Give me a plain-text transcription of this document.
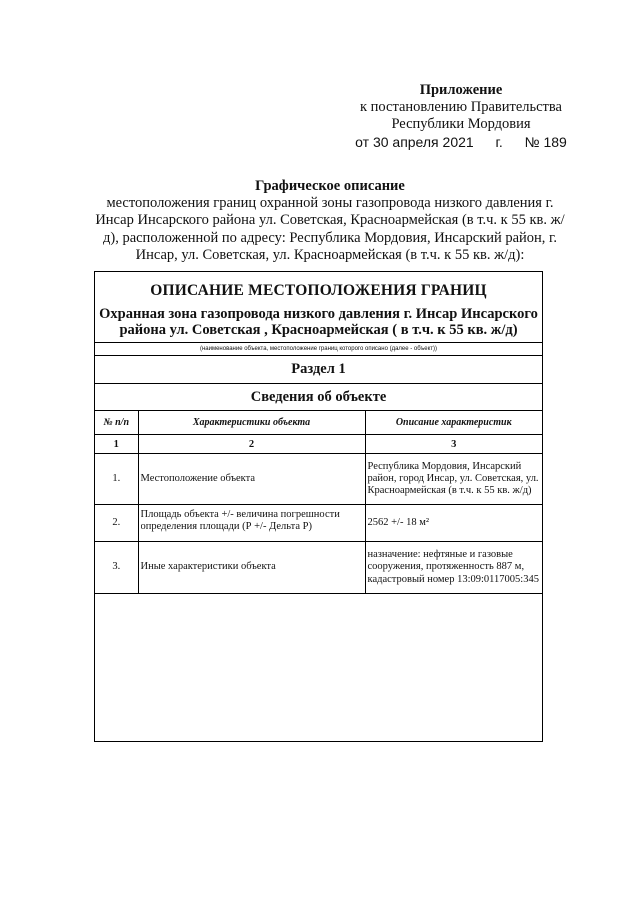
Приложение
к постановлению Правительства
Республики Мордовия
от 30 апреля 2021 г. № 189
Графическое описание
местоположения границ охранной зоны газопровода низкого давления г. Инсар Инсарского района ул. Советская, Красноармейская (в т.ч. к 55 кв. ж/д), расположенной по адресу: Республика Мордовия, Инсарский район, г. Инсар, ул. Советская, ул. Красноармейская (в т.ч. к 55 кв. ж/д):
ОПИСАНИЕ МЕСТОПОЛОЖЕНИЯ ГРАНИЦ
Охранная зона газопровода низкого давления г. Инсар Инсарского района ул. Советская , Красноармейская ( в т.ч. к 55 кв. ж/д)
(наименование объекта, местоположение границ которого описано (далее - объект))
Раздел 1
Сведения об объекте
№ п/п	Характеристики объекта	Описание характеристик
1	2	3
1.	Местоположение объекта	Республика Мордовия, Инсарский район, город Инсар, ул. Советская, ул. Красноармейская (в т.ч. к 55 кв. ж/д)
2.	Площадь объекта +/- величина погрешности определения площади (Р +/- Дельта Р)	2562 +/- 18 м²
3.	Иные характеристики объекта	назначение: нефтяные и газовые сооружения, протяженность 887 м, кадастровый номер 13:09:0117005:345
